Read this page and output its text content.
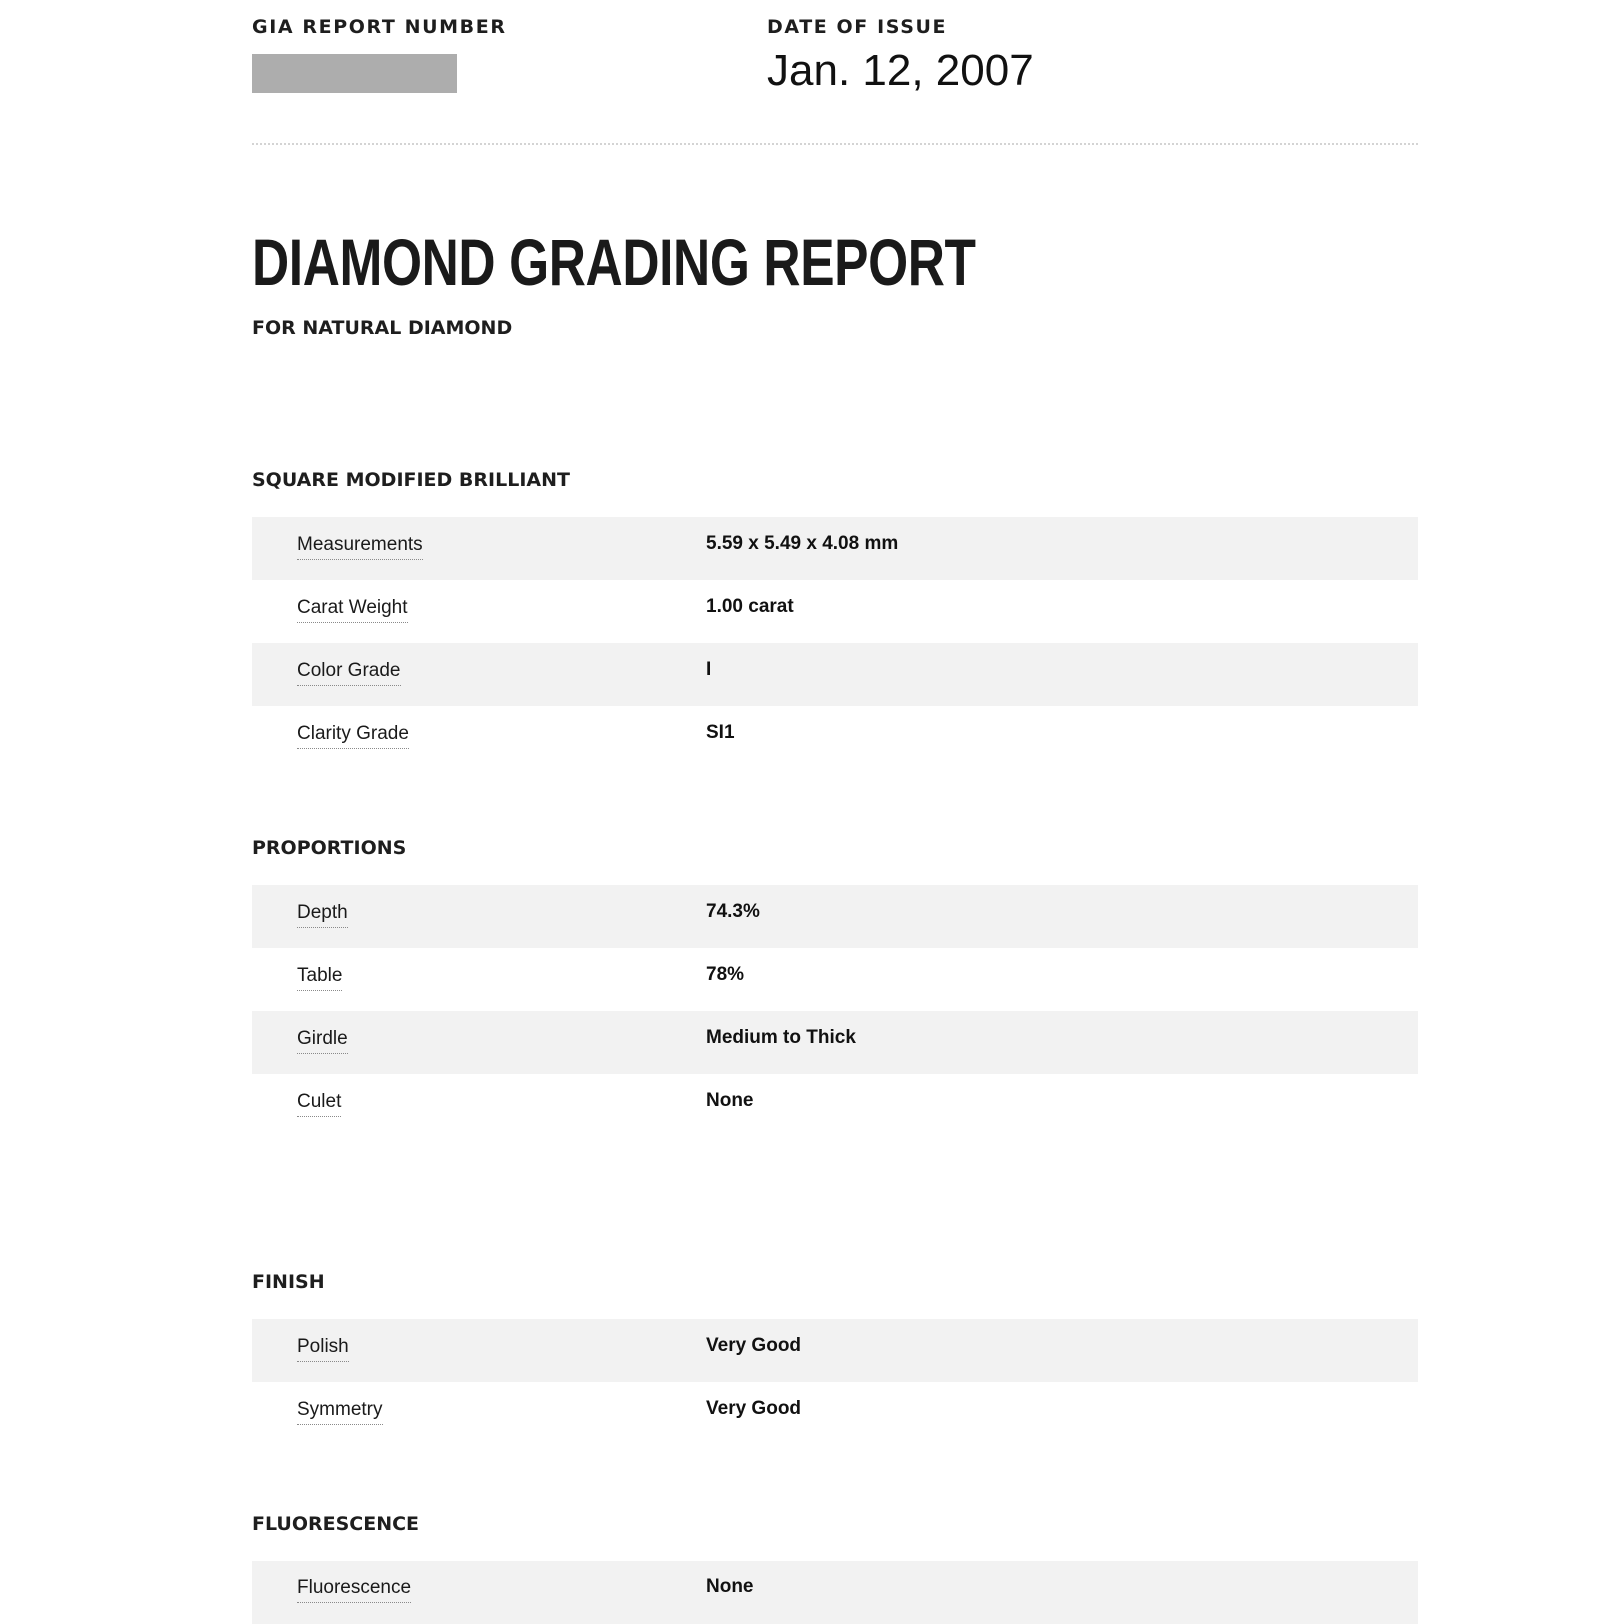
GIA REPORT NUMBER	DATE OF ISSUE
Jan. 12, 2007
DIAMOND GRADING REPORT
FOR NATURAL DIAMOND
SQUARE MODIFIED BRILLIANT
Measurements	5.59 x 5.49 x 4.08 mm
Carat Weight	1.00 carat
Color Grade	I
Clarity Grade	SI1
PROPORTIONS
Depth	74.3%
Table	78%
Girdle	Medium to Thick
Culet	None
FINISH
Polish	Very Good
Symmetry	Very Good
FLUORESCENCE
Fluorescence	None
